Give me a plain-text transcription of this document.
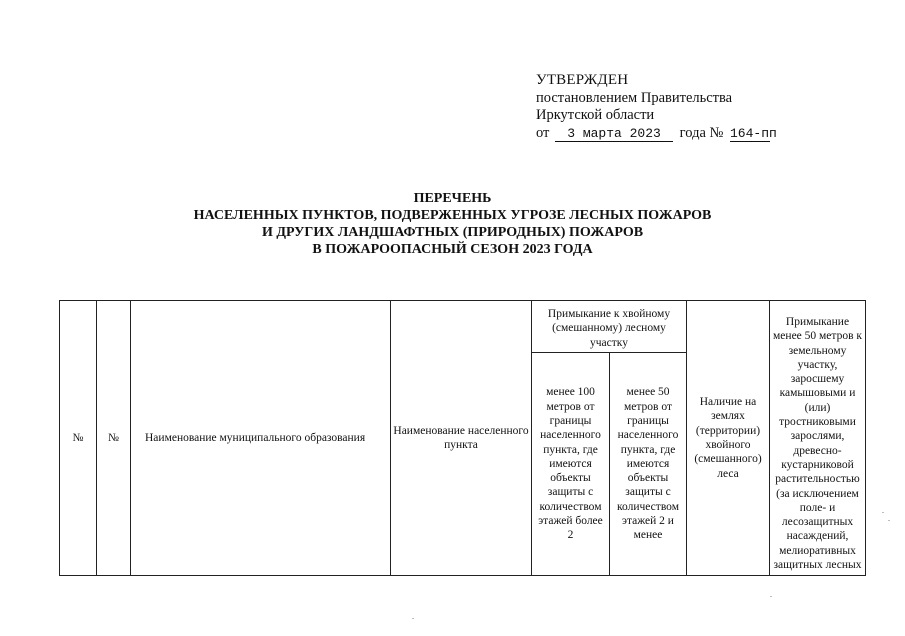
УТВЕРЖДЕН
постановлением Правительства
Иркутской области
от 3 марта 2023 года № 164-пп
ПЕРЕЧЕНЬ
НАСЕЛЕННЫХ ПУНКТОВ, ПОДВЕРЖЕННЫХ УГРОЗЕ ЛЕСНЫХ ПОЖАРОВ
И ДРУГИХ ЛАНДШАФТНЫХ (ПРИРОДНЫХ) ПОЖАРОВ
В ПОЖАРООПАСНЫЙ СЕЗОН 2023 ГОДА
№	№	Наименование муниципального образования	Наименование населенного пункта	Примыкание к хвойному (смешанному) лесному участку		Наличие на землях (территории) хвойного (смешанного) леса	Примыкание менее 50 метров к земельному участку, заросшему камышовыми и (или) тростниковыми зарослями, древесно-кустарниковой растительностью (за исключением поле- и лесозащитных насаждений, мелиоративных защитных лесных
				менее 100 метров от границы населенного пункта, где имеются объекты защиты с количеством этажей более 2	менее 50 метров от границы населенного пункта, где имеются объекты защиты с количеством этажей 2 и менее		
